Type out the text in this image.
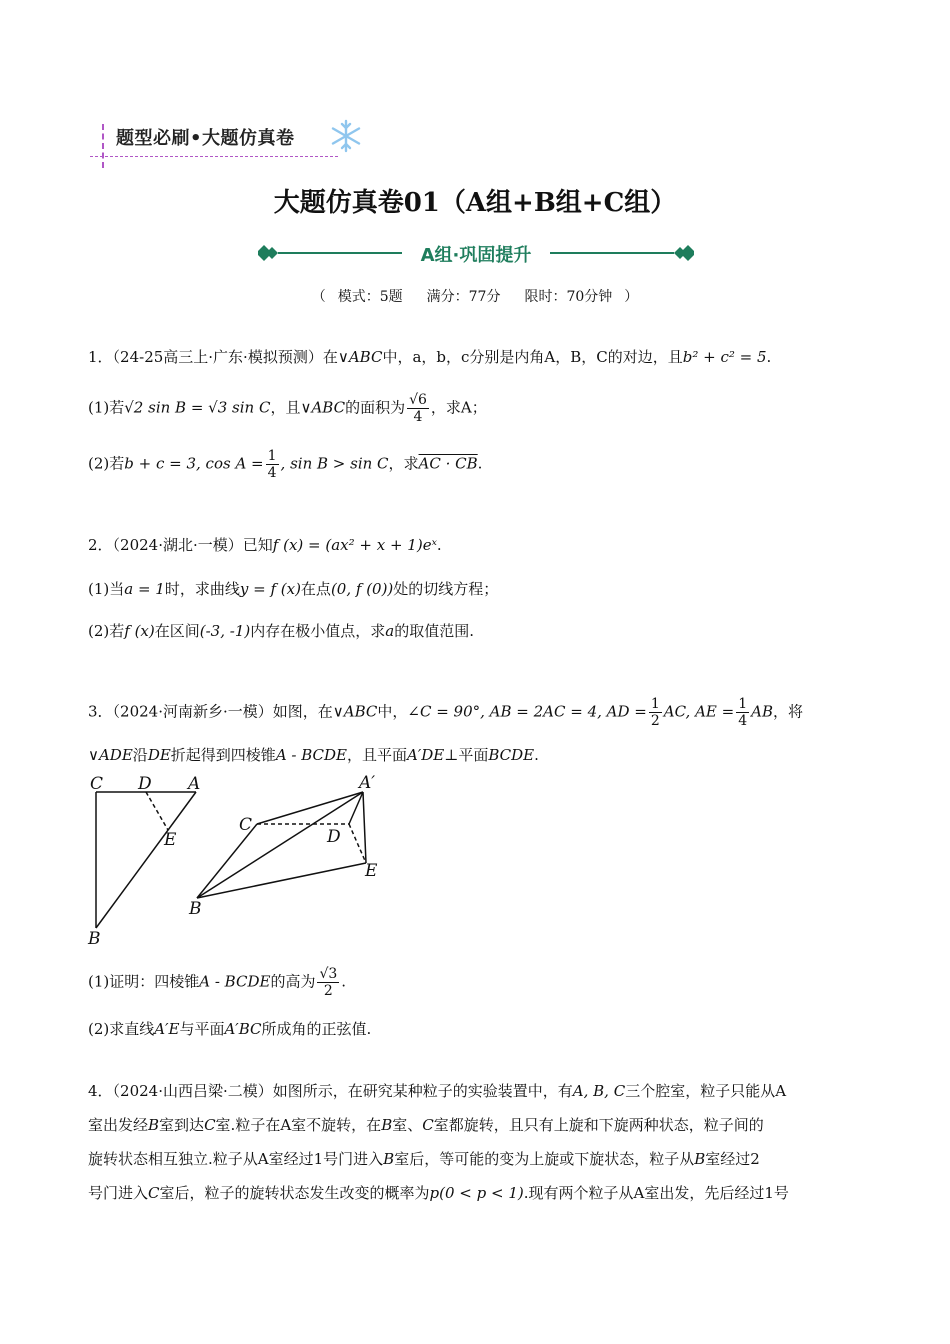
题型必刷•大题仿真卷
大题仿真卷01（A组+B组+C组）
A组·巩固提升
（ 模式：5题 满分：77分 限时：70分钟 ）
1．（24-25高三上·广东·模拟预测）在∨ABC中，a，b，c分别是内角A，B，C的对边，且b² + c² = 5.
(1)若√2 sin B = √3 sin C，且∨ABC的面积为 $\frac{√6}{4}$ ，求A；
(2)若b + c = 3, $\cos A = \frac{1}{4}$ , sin B > sin C，求AC · CB.
2．（2024·湖北·一模）已知f (x) = (ax² + x + 1)eˣ.
(1)当a = 1时，求曲线y = f (x)在点(0, f (0))处的切线方程；
(2)若f (x)在区间(-3, -1)内存在极小值点，求a的取值范围.
3．（2024·河南新乡·一模）如图，在∨ABC中，∠C = 90°, AB = 2AC = 4, AD = $\frac{1}{2}$ AC, AE = $\frac{1}{4}$ AB，将
∨ADE沿DE折起得到四棱锥A - BCDE，且平面A′DE⊥平面BCDE.
C D A
E
B
A′
C
D
E
B
(1)证明：四棱锥A - BCDE的高为 $\frac{√3}{2}$ .
(2)求直线A′E与平面A′BC所成角的正弦值.
4．（2024·山西吕梁·二模）如图所示，在研究某种粒子的实验装置中，有A, B, C三个腔室，粒子只能从A
室出发经B室到达C室.粒子在A室不旋转，在B室、C室都旋转，且只有上旋和下旋两种状态，粒子间的
旋转状态相互独立.粒子从A室经过1号门进入B室后，等可能的变为上旋或下旋状态，粒子从B室经过2
号门进入C室后，粒子的旋转状态发生改变的概率为p(0 < p < 1).现有两个粒子从A室出发，先后经过1号
